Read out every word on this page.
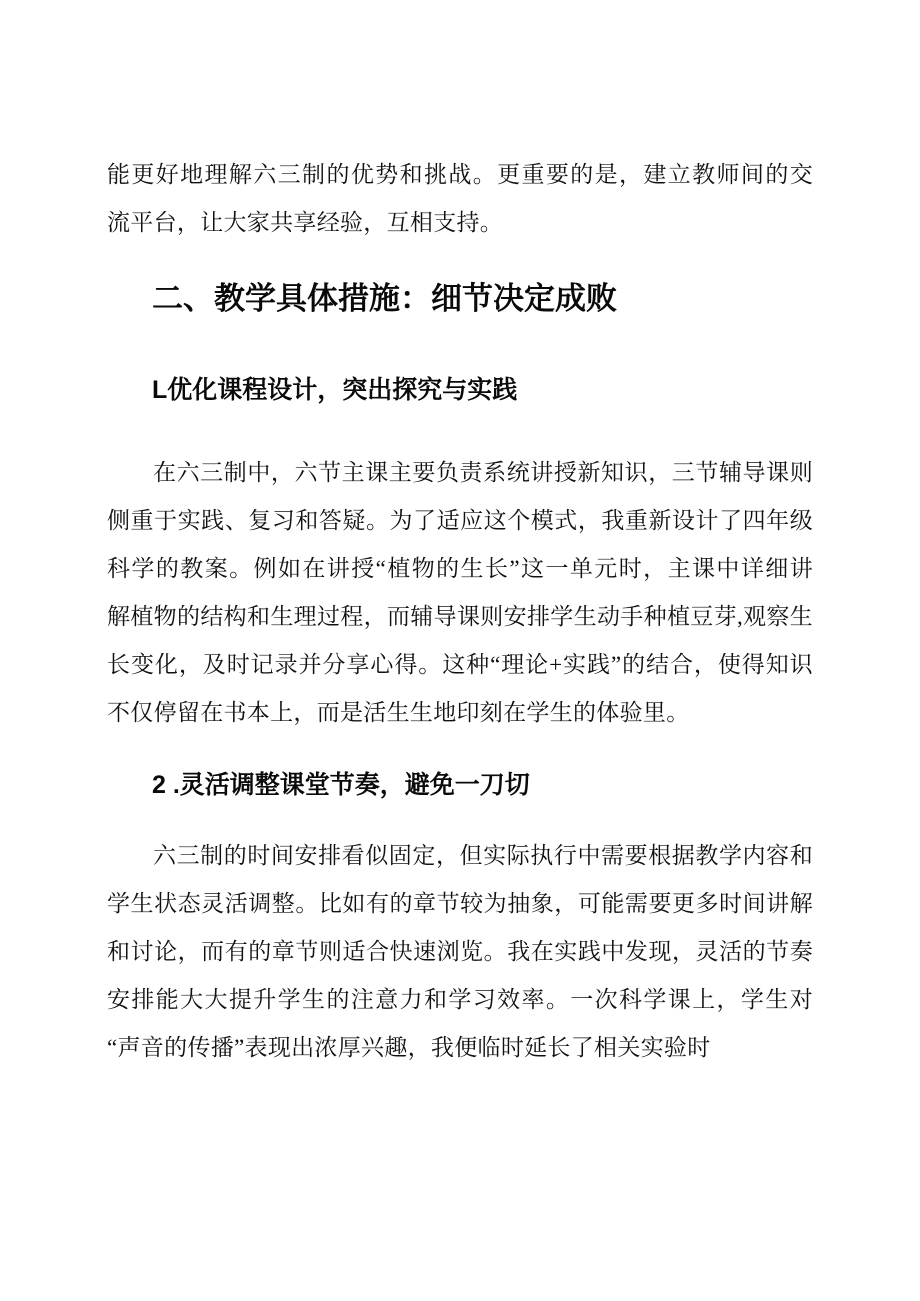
能更好地理解六三制的优势和挑战。更重要的是，建立教师间的交
流平台，让大家共享经验，互相支持。
二、教学具体措施：细节决定成败
L优化课程设计，突出探究与实践
在六三制中，六节主课主要负责系统讲授新知识，三节辅导课则
侧重于实践、复习和答疑。为了适应这个模式，我重新设计了四年级
科学的教案。例如在讲授“植物的生长”这一单元时，主课中详细讲
解植物的结构和生理过程，而辅导课则安排学生动手种植豆芽,观察生
长变化，及时记录并分享心得。这种“理论+实践”的结合，使得知识
不仅停留在书本上，而是活生生地印刻在学生的体验里。
2 .灵活调整课堂节奏，避免一刀切
六三制的时间安排看似固定，但实际执行中需要根据教学内容和
学生状态灵活调整。比如有的章节较为抽象，可能需要更多时间讲解
和讨论，而有的章节则适合快速浏览。我在实践中发现，灵活的节奏
安排能大大提升学生的注意力和学习效率。一次科学课上，学生对
“声音的传播”表现出浓厚兴趣，我便临时延长了相关实验时
